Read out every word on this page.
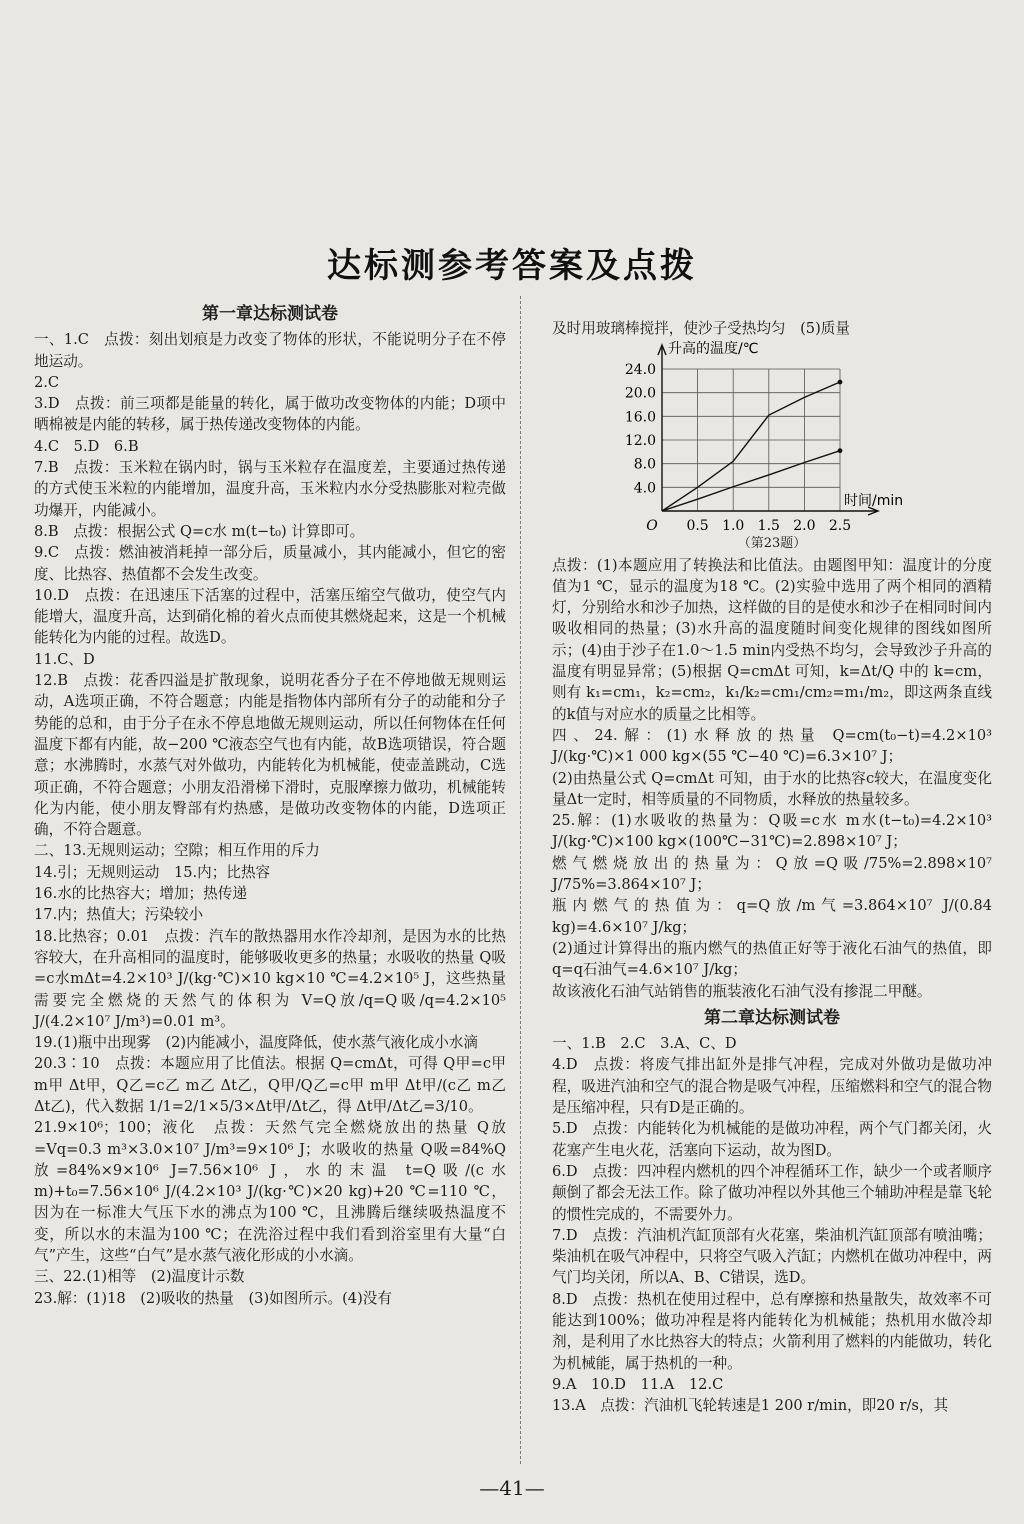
达标测参考答案及点拨
第一章达标测试卷

一、1.C　点拨：刻出划痕是力改变了物体的形状，不能说明分子在不停地运动。

2.C

3.D　点拨：前三项都是能量的转化，属于做功改变物体的内能；D项中晒棉被是内能的转移，属于热传递改变物体的内能。

4.C　5.D　6.B

7.B　点拨：玉米粒在锅内时，锅与玉米粒存在温度差，主要通过热传递的方式使玉米粒的内能增加，温度升高，玉米粒内水分受热膨胀对粒壳做功爆开，内能减小。

8.B　点拨：根据公式 Q=c水 m(t−t₀) 计算即可。

9.C　点拨：燃油被消耗掉一部分后，质量减小，其内能减小，但它的密度、比热容、热值都不会发生改变。

10.D　点拨：在迅速压下活塞的过程中，活塞压缩空气做功，使空气内能增大，温度升高，达到硝化棉的着火点而使其燃烧起来，这是一个机械能转化为内能的过程。故选D。

11.C、D

12.B　点拨：花香四溢是扩散现象，说明花香分子在不停地做无规则运动，A选项正确，不符合题意；内能是指物体内部所有分子的动能和分子势能的总和，由于分子在永不停息地做无规则运动，所以任何物体在任何温度下都有内能，故−200 ℃液态空气也有内能，故B选项错误，符合题意；水沸腾时，水蒸气对外做功，内能转化为机械能，使壶盖跳动，C选项正确，不符合题意；小朋友沿滑梯下滑时，克服摩擦力做功，机械能转化为内能，使小朋友臀部有灼热感，是做功改变物体的内能，D选项正确，不符合题意。

二、13.无规则运动；空隙；相互作用的斥力

14.引；无规则运动　15.内；比热容

16.水的比热容大；增加；热传递

17.内；热值大；污染较小

18.比热容；0.01　点拨：汽车的散热器用水作冷却剂，是因为水的比热容较大，在升高相同的温度时，能够吸收更多的热量；水吸收的热量 Q吸=c水mΔt=4.2×10³ J/(kg·℃)×10 kg×10 ℃=4.2×10⁵ J，这些热量需要完全燃烧的天然气的体积为 V=Q放/q=Q吸/q=4.2×10⁵ J/(4.2×10⁷ J/m³)=0.01 m³。

19.(1)瓶中出现雾　(2)内能减小，温度降低，使水蒸气液化成小水滴

20.3∶10　点拨：本题应用了比值法。根据 Q=cmΔt，可得 Q甲=c甲 m甲 Δt甲，Q乙=c乙 m乙 Δt乙，Q甲/Q乙=c甲 m甲 Δt甲/(c乙 m乙 Δt乙)，代入数据 1/1=2/1×5/3×Δt甲/Δt乙，得 Δt甲/Δt乙=3/10。

21.9×10⁶；100；液化　点拨：天然气完全燃烧放出的热量 Q放=Vq=0.3 m³×3.0×10⁷ J/m³=9×10⁶ J；水吸收的热量 Q吸=84%Q放=84%×9×10⁶ J=7.56×10⁶ J，水的末温 t=Q吸/(c水 m)+t₀=7.56×10⁶ J/(4.2×10³ J/(kg·℃)×20 kg)+20 ℃=110 ℃，因为在一标准大气压下水的沸点为100 ℃，且沸腾后继续吸热温度不变，所以水的末温为100 ℃；在洗浴过程中我们看到浴室里有大量“白气”产生，这些“白气”是水蒸气液化形成的小水滴。

三、22.(1)相等　(2)温度计示数

23.解：(1)18　(2)吸收的热量　(3)如图所示。(4)没有

及时用玻璃棒搅拌，使沙子受热均匀　(5)质量

4.0
8.0
12.0
16.0
20.0
24.0
0.5 1.0 1.5 2.0 2.5
O
升高的温度/℃
时间/min
（第23题）

点拨：(1)本题应用了转换法和比值法。由题图甲知：温度计的分度值为1 ℃，显示的温度为18 ℃。(2)实验中选用了两个相同的酒精灯，分别给水和沙子加热，这样做的目的是使水和沙子在相同时间内吸收相同的热量；(3)水升高的温度随时间变化规律的图线如图所示；(4)由于沙子在1.0～1.5 min内受热不均匀，会导致沙子升高的温度有明显异常；(5)根据 Q=cmΔt 可知，k=Δt/Q 中的 k=cm，则有 k₁=cm₁，k₂=cm₂，k₁/k₂=cm₁/cm₂=m₁/m₂，即这两条直线的k值与对应水的质量之比相等。

四、24.解：(1)水释放的热量 Q=cm(t₀−t)=4.2×10³ J/(kg·℃)×1 000 kg×(55 ℃−40 ℃)=6.3×10⁷ J；

(2)由热量公式 Q=cmΔt 可知，由于水的比热容c较大，在温度变化量Δt一定时，相等质量的不同物质，水释放的热量较多。

25.解：(1)水吸收的热量为：Q吸=c水 m水(t−t₀)=4.2×10³ J/(kg·℃)×100 kg×(100℃−31℃)=2.898×10⁷ J；

燃气燃烧放出的热量为：Q放=Q吸/75%=2.898×10⁷ J/75%=3.864×10⁷ J；

瓶内燃气的热值为：q=Q放/m气=3.864×10⁷ J/(0.84 kg)=4.6×10⁷ J/kg；

(2)通过计算得出的瓶内燃气的热值正好等于液化石油气的热值，即 q=q石油气=4.6×10⁷ J/kg；

故该液化石油气站销售的瓶装液化石油气没有掺混二甲醚。

第二章达标测试卷

一、1.B　2.C　3.A、C、D

4.D　点拨：将废气排出缸外是排气冲程，完成对外做功是做功冲程，吸进汽油和空气的混合物是吸气冲程，压缩燃料和空气的混合物是压缩冲程，只有D是正确的。

5.D　点拨：内能转化为机械能的是做功冲程，两个气门都关闭，火花塞产生电火花，活塞向下运动，故为图D。

6.D　点拨：四冲程内燃机的四个冲程循环工作，缺少一个或者顺序颠倒了都会无法工作。除了做功冲程以外其他三个辅助冲程是靠飞轮的惯性完成的，不需要外力。

7.D　点拨：汽油机汽缸顶部有火花塞，柴油机汽缸顶部有喷油嘴；柴油机在吸气冲程中，只将空气吸入汽缸；内燃机在做功冲程中，两气门均关闭，所以A、B、C错误，选D。

8.D　点拨：热机在使用过程中，总有摩擦和热量散失，故效率不可能达到100%；做功冲程是将内能转化为机械能；热机用水做冷却剂，是利用了水比热容大的特点；火箭利用了燃料的内能做功，转化为机械能，属于热机的一种。

9.A　10.D　11.A　12.C

13.A　点拨：汽油机飞轮转速是1 200 r/min，即20 r/s，其

—41—
